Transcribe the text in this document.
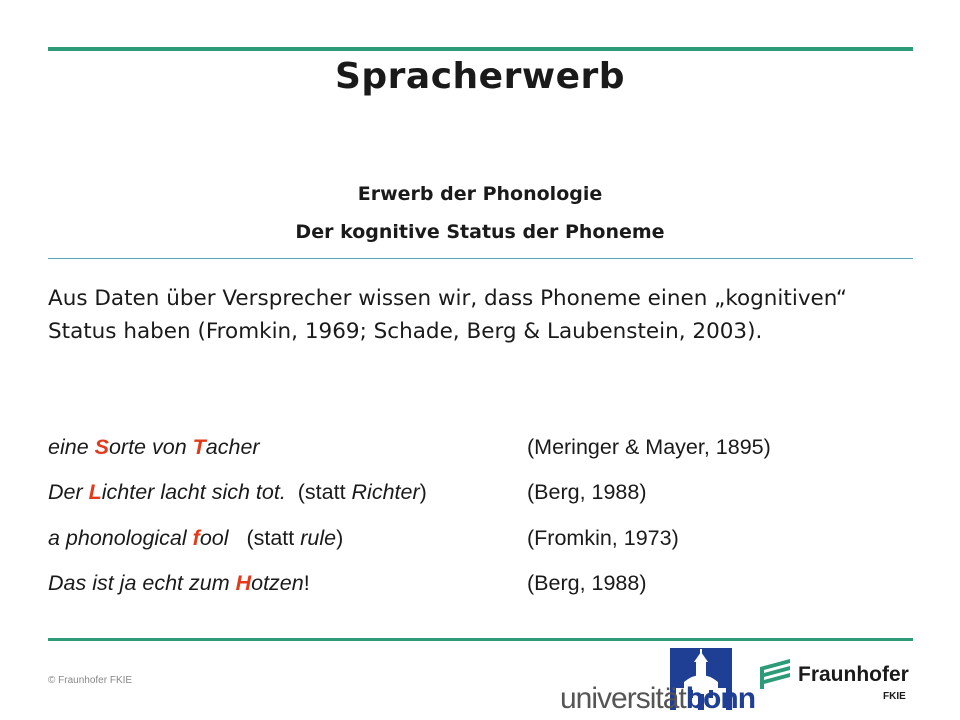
Spracherwerb
Erwerb der Phonologie
Der kognitive Status der Phoneme
Aus Daten über Versprecher wissen wir, dass Phoneme einen „kognitiven“ Status haben (Fromkin, 1969; Schade, Berg & Laubenstein, 2003).
eine Sorte von Tacher	(Meringer & Mayer, 1895)
Der Lichter lacht sich tot. (statt Richter)	(Berg, 1988)
a phonological fool (statt rule)	(Fromkin, 1973)
Das ist ja echt zum Hotzen!	(Berg, 1988)
© Fraunhofer FKIE
universitätbonn
Fraunhofer
FKIE
